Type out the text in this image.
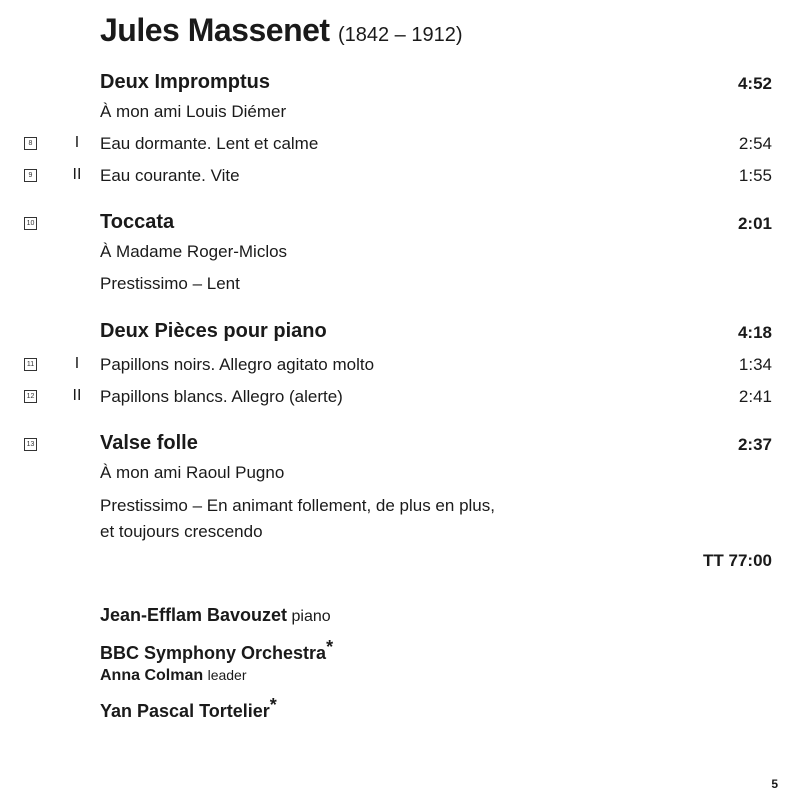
Jules Massenet (1842 – 1912)
Deux Impromptus	4:52
À mon ami Louis Diémer
8	I	Eau dormante. Lent et calme	2:54
9	II	Eau courante. Vite	1:55
10	Toccata	2:01
À Madame Roger-Miclos
Prestissimo – Lent
Deux Pièces pour piano	4:18
11	I	Papillons noirs. Allegro agitato molto	1:34
12	II	Papillons blancs. Allegro (alerte)	2:41
13	Valse folle	2:37
À mon ami Raoul Pugno
Prestissimo – En animant follement, de plus en plus,
et toujours crescendo
TT 77:00
Jean-Efflam Bavouzet piano
BBC Symphony Orchestra*
Anna Colman leader
Yan Pascal Tortelier*
5
